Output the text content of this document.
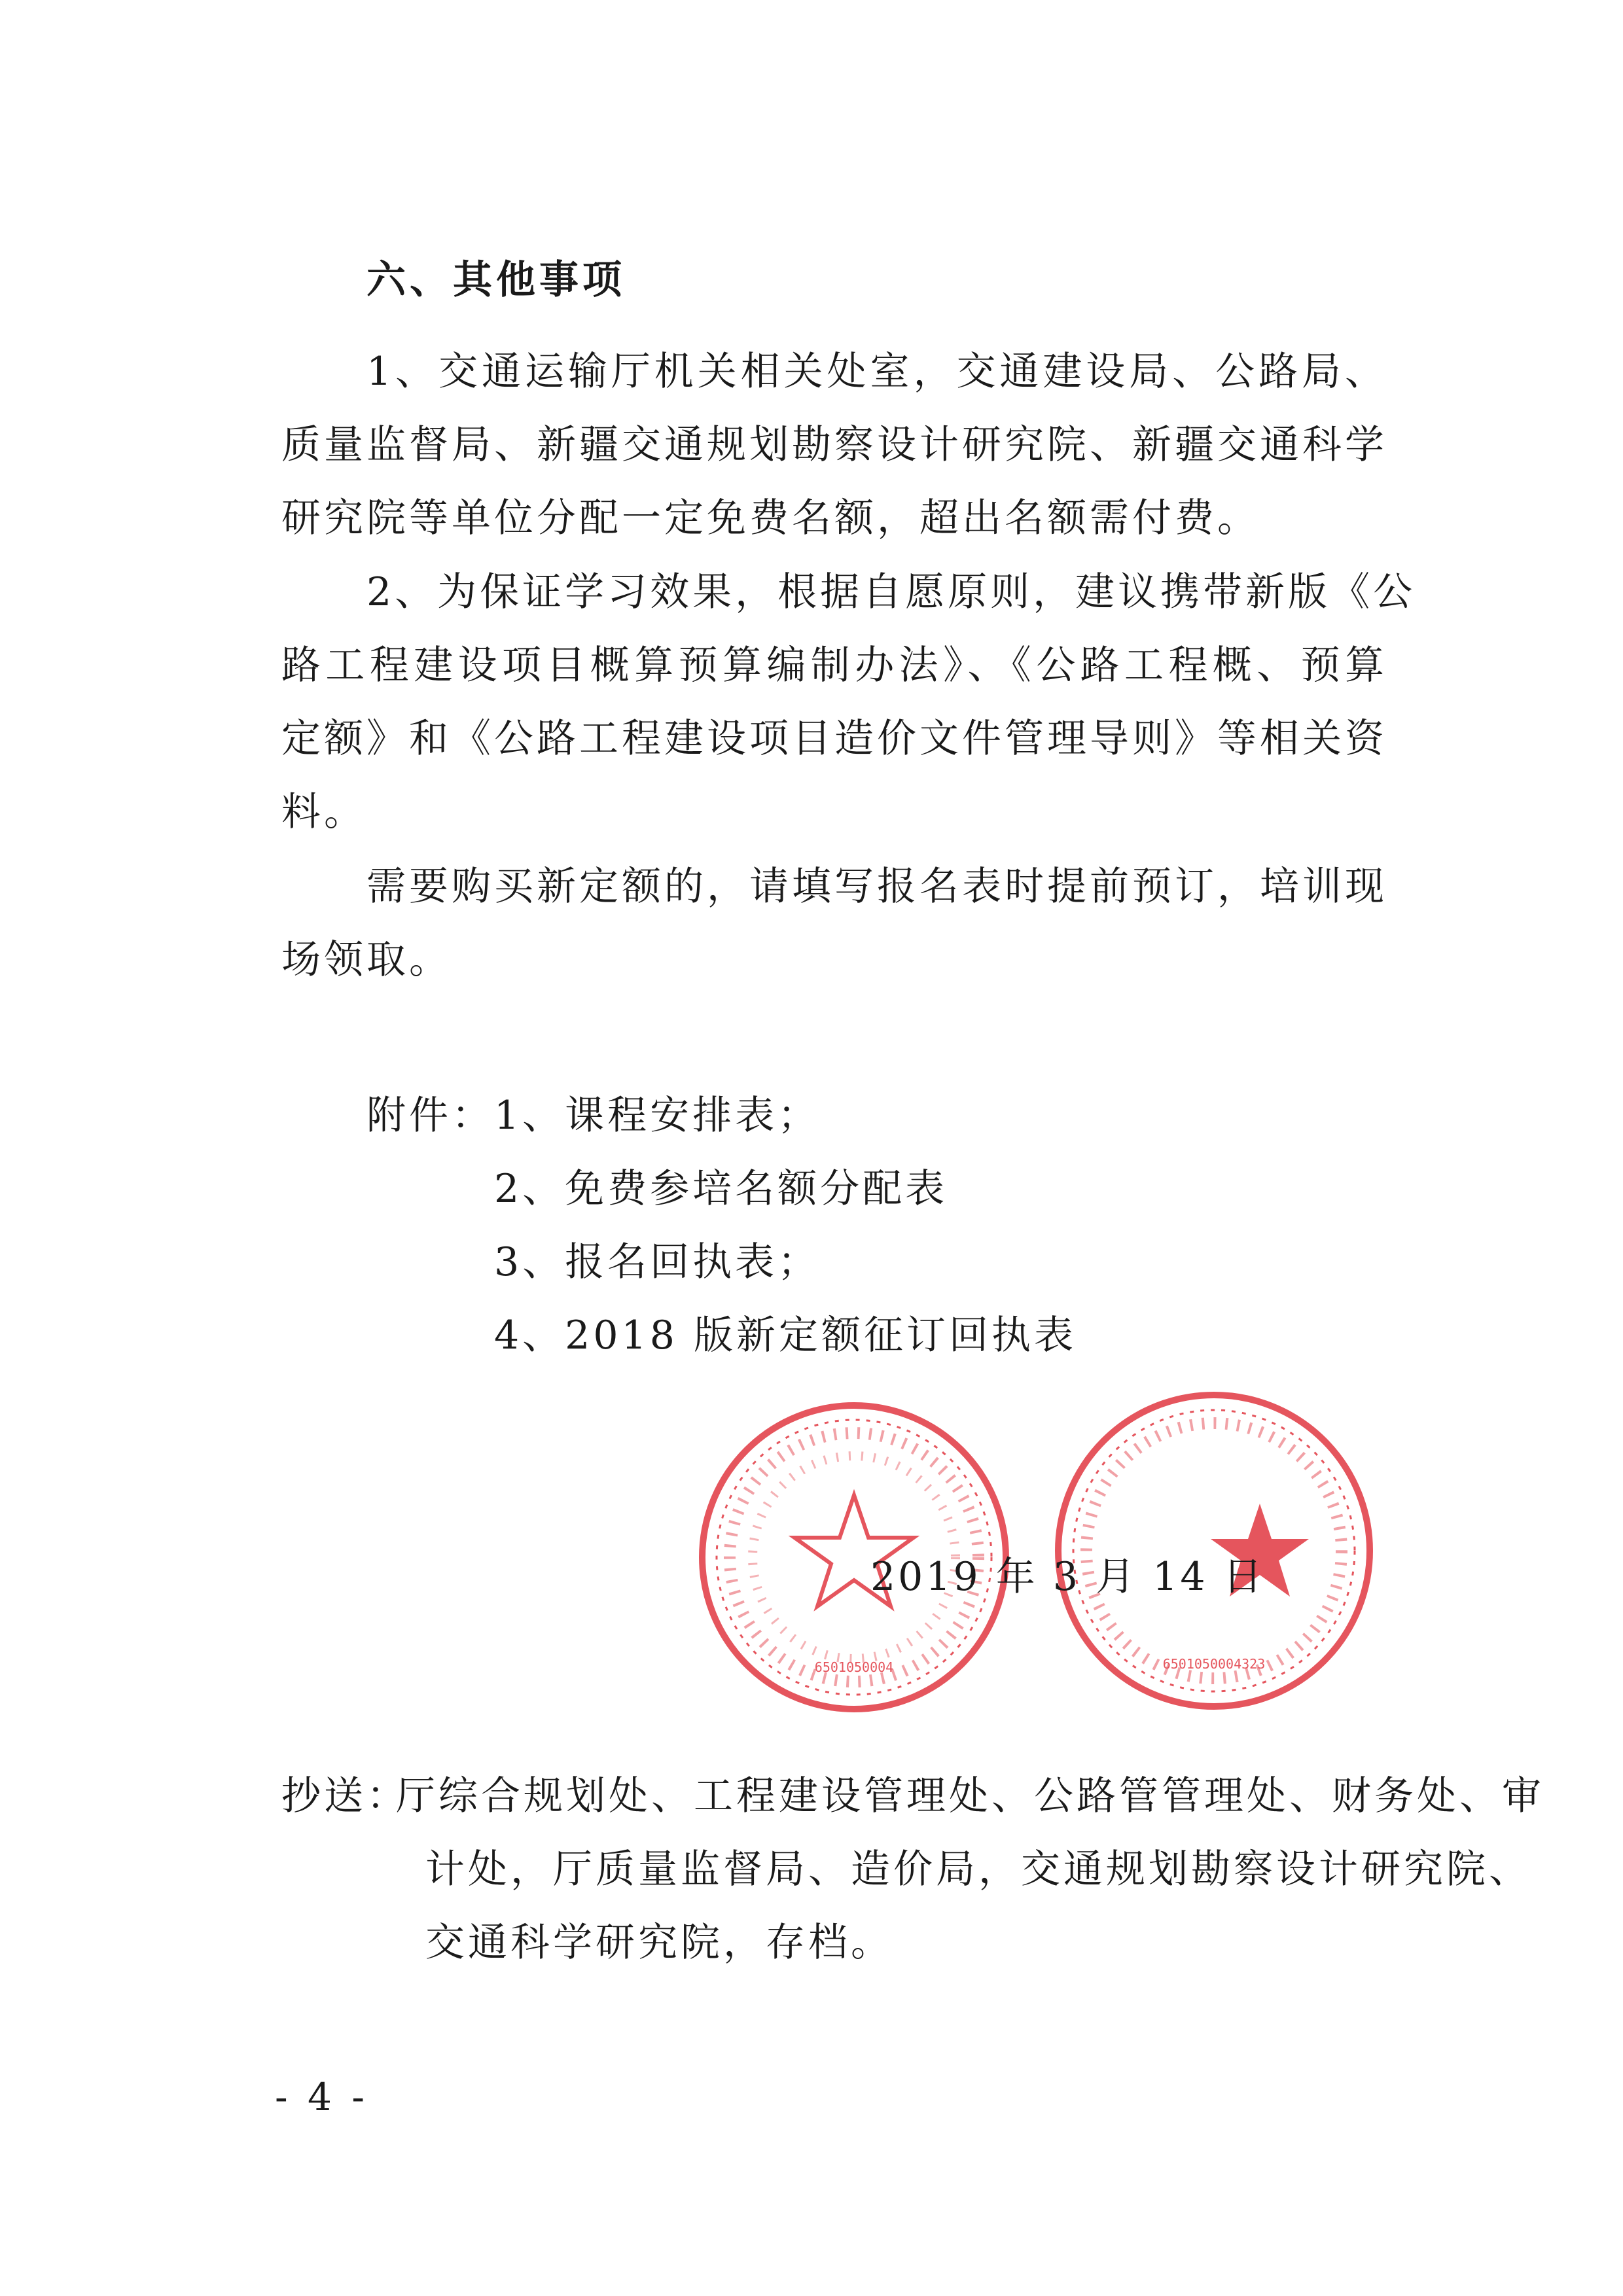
六、其他事项
1、交通运输厅机关相关处室，交通建设局、公路局、
质量监督局、新疆交通规划勘察设计研究院、新疆交通科学
研究院等单位分配一定免费名额，超出名额需付费。
2、为保证学习效果，根据自愿原则，建议携带新版《公
路工程建设项目概算预算编制办法》、《公路工程概、预算
定额》和《公路工程建设项目造价文件管理导则》等相关资
料。
需要购买新定额的，请填写报名表时提前预订，培训现
场领取。
附件： 1、课程安排表；
2、免费参培名额分配表
3、报名回执表；
4、2018 版新定额征订回执表
6501050004	6501050004323
2019 年 3 月 14 日
抄送：
厅综合规划处、工程建设管理处、公路管管理处、财务处、审
计处，厅质量监督局、造价局，交通规划勘察设计研究院、
交通科学研究院，存档。
- 4 -
